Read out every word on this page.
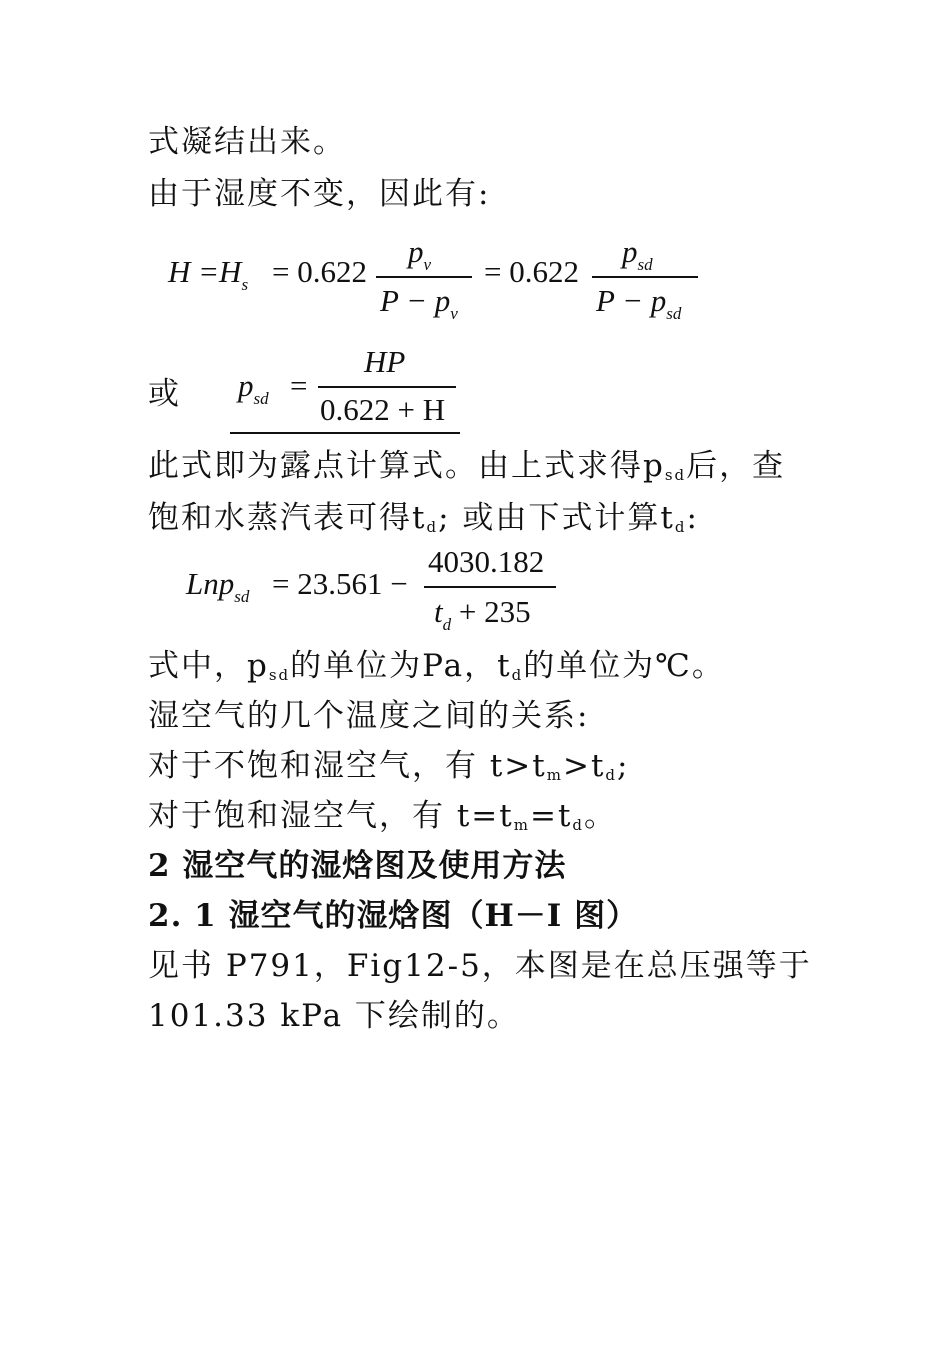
式凝结出来。
由于湿度不变，因此有:
$H =H_s = 0.622$
$p_v$
$P - p_v$
= 0.622
$p_{sd}$
$P - p_{sd}$
或 $p_{sd}$ =
HP
0.622 + H
此式即为露点计算式。由上式求得$p_{sd}$后，查
饱和水蒸汽表可得$t_d$; 或由下式计算$t_d$:
Lnp$_{sd}$ = 23.561 −
4030.182
$t_d + 235$
式中，$p_{sd}$的单位为Pa，$t_d$的单位为℃。
湿空气的几个温度之间的关系:
对于不饱和湿空气，有 $t>t_m>t_d$;
对于饱和湿空气，有 $t=t_m=t_d$。
2 湿空气的湿焓图及使用方法
2. 1 湿空气的湿焓图（H－I 图）
见书 P791，Fig12-5，本图是在总压强等于
101.33 kPa 下绘制的。
